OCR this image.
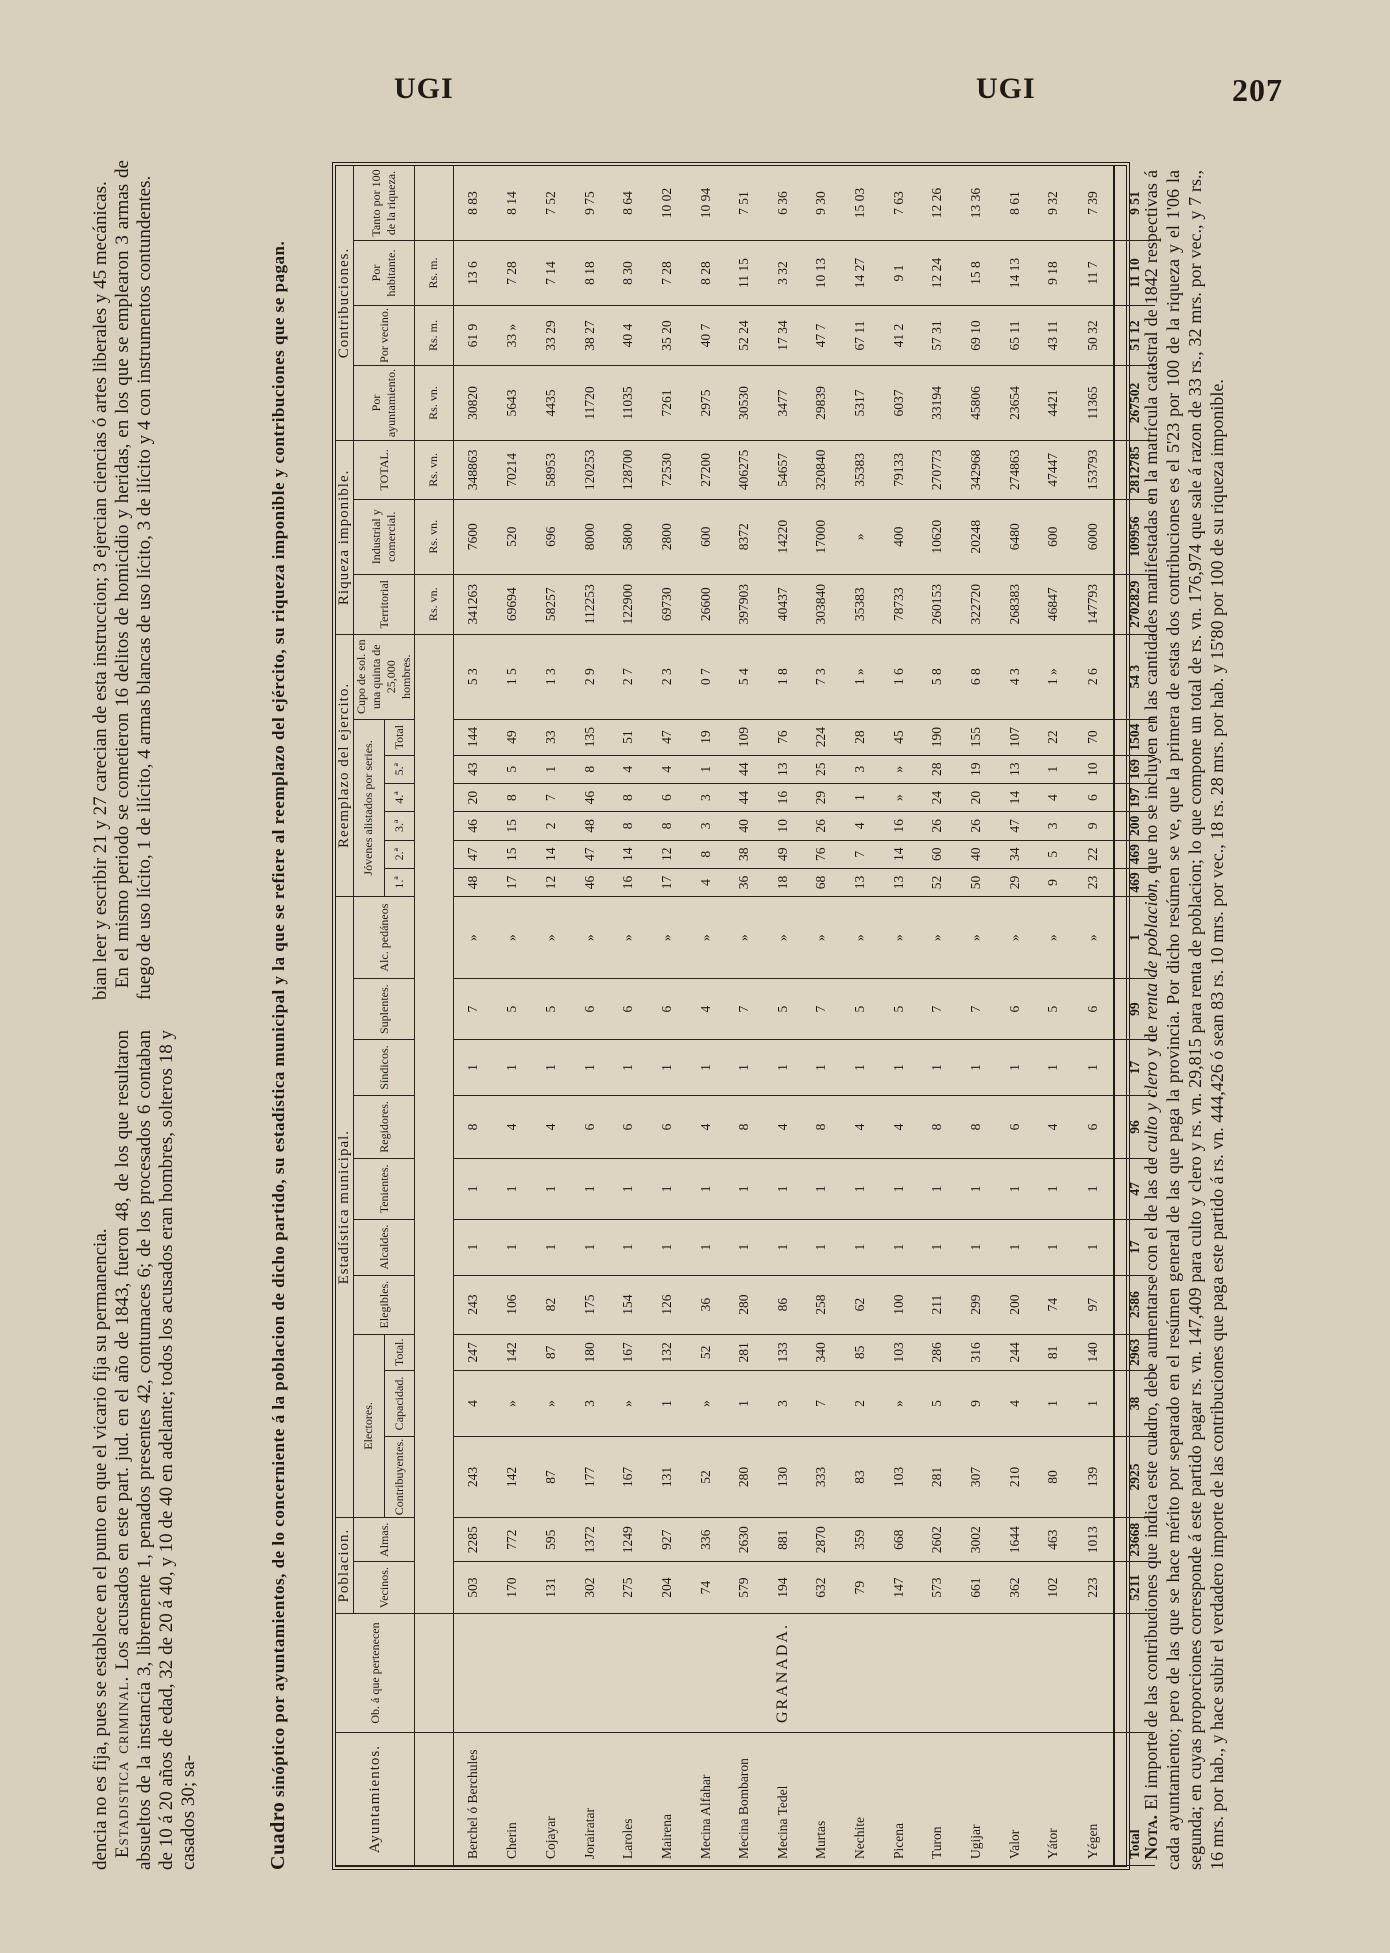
UGI	UGI	207

dencia no es fija, pues se establece en el punto en que el vicario fija su permanencia. Estadistica criminal. Los acusados en este part. jud. en el año de 1843, fueron 48, de los que resultaron absueltos de la instancia 3, libremente 1, penados presentes 42, contumaces 6; de los procesados 6 contaban de 10 á 20 años de edad, 32 de 20 á 40, y 10 de 40 en adelante; todos los acusados eran hombres, solteros 18 y casados 30; sa-

bian leer y escribir 21 y 27 carecian de esta instruccion; 3 ejercian ciencias ó artes liberales y 45 mecánicas. En el mismo periodo se cometieron 16 delitos de homicidio y heridas, en los que se emplearon 3 armas de fuego de uso lícito, 1 de ilícito, 4 armas blancas de uso lícito, 3 de ilícito y 4 con instrumentos contundentes.

Cuadro sinóptico por ayuntamientos, de lo concerniente á la poblacion de dicho partido, su estadística municipal y la que se refiere al reemplazo del ejército, su riqueza imponible y contribuciones que se pagan.
Ayuntamientos.	Ob. á que pertenecen	Poblacion.		Estadística municipal.										Reemplazo del ejercito.							Riqueza imponible.			Contribuciones.			
		Vecinos.	Almas.	Electores.			Elegibles.	Alcaldes.	Tenientes.	Regidores.	Síndicos.	Suplentes.	Alc. pedáneos	Jóvenes alistados por series.						Cupo de sol. en una quinta de 25,000 hombres.	Territorial	Industrial y comercial.	TOTAL.	Por ayuntamiento.	Por vecino.	Por habitante.	Tanto por 100 de la riqueza.
				Contribuyentes.	Capacidad.	Total.								1.ª	2.ª	3.ª	4.ª	5.ª	Total								
																					Rs. vn.	Rs. vn.	Rs. vn.	Rs. vn.	Rs. m.	Rs. m.	
Berchel ó Berchules	GRANADA.	503	2285	243	4	247	243	1	1	8	1	7	»	48	47	46	20	43	144	5 3	341263	7600	348863	30820	61 9	13 6	8 83
Cherin		170	772	142	»	142	106	1	1	4	1	5	»	17	15	15	8	5	49	1 5	69694	520	70214	5643	33 »	7 28	8 14
Cojayar		131	595	87	»	87	82	1	1	4	1	5	»	12	14	2	7	1	33	1 3	58257	696	58953	4435	33 29	7 14	7 52
Jorairatar		302	1372	177	3	180	175	1	1	6	1	6	»	46	47	48	46	8	135	2 9	112253	8000	120253	11720	38 27	8 18	9 75
Laroles		275	1249	167	»	167	154	1	1	6	1	6	»	16	14	8	8	4	51	2 7	122900	5800	128700	11035	40 4	8 30	8 64
Mairena		204	927	131	1	132	126	1	1	6	1	6	»	17	12	8	6	4	47	2 3	69730	2800	72530	7261	35 20	7 28	10 02
Mecina Alfahar		74	336	52	»	52	36	1	1	4	1	4	»	4	8	3	3	1	19	0 7	26600	600	27200	2975	40 7	8 28	10 94
Mecina Bombaron		579	2630	280	1	281	280	1	1	8	1	7	»	36	38	40	44	44	109	5 4	397903	8372	406275	30530	52 24	11 15	7 51
Mecina Tedel		194	881	130	3	133	86	1	1	4	1	5	»	18	49	10	16	13	76	1 8	40437	14220	54657	3477	17 34	3 32	6 36
Murtas		632	2870	333	7	340	258	1	1	8	1	7	»	68	76	26	29	25	224	7 3	303840	17000	320840	29839	47 7	10 13	9 30
Nechite		79	359	83	2	85	62	1	1	4	1	5	»	13	7	4	1	3	28	1 »	35383	»	35383	5317	67 11	14 27	15 03
Picena		147	668	103	»	103	100	1	1	4	1	5	»	13	14	16	»	»	45	1 6	78733	400	79133	6037	41 2	9 1	7 63
Turon		573	2602	281	5	286	211	1	1	8	1	7	»	52	60	26	24	28	190	5 8	260153	10620	270773	33194	57 31	12 24	12 26
Ugijar		661	3002	307	9	316	299	1	1	8	1	7	»	50	40	26	20	19	155	6 8	322720	20248	342968	45806	69 10	15 8	13 36
Valor		362	1644	210	4	244	200	1	1	6	1	6	»	29	34	47	14	13	107	4 3	268383	6480	274863	23654	65 11	14 13	8 61
Yátor		102	463	80	1	81	74	1	1	4	1	5	»	9	5	3	4	1	22	1 »	46847	600	47447	4421	43 11	9 18	9 32
Yégen		223	1013	139	1	140	97	1	1	6	1	6	»	23	22	9	6	10	70	2 6	147793	6000	153793	11365	50 32	11 7	7 39
Total		5211	23668	2925	38	2963	2586	17	47	96	17	99	1	469	469	200	197	169	1504	54 3	2702829	109956	2812785	267502	51 12	11 10	9 51
Nota. El importe de las contribuciones que indica este cuadro, debe aumentarse con el de las de culto y clero y de renta de poblacion, que no se incluyen en las cantidades manifestadas en la matrícula catastral de 1842 respectivas á cada ayuntamiento; pero de las que se hace mérito por separado en el resúmen general de las que paga la provincia. Por dicho resúmen se ve, que la primera de estas dos contribuciones es el 5'23 por 100 de la riqueza y el 1'06 la segunda; en cuyas proporciones corresponde á este partido pagar rs. vn. 147,409 para culto y clero y rs. vn. 29,815 para renta de poblacion; lo que compone un total de rs. vn. 176,974 que sale á razon de 33 rs., 32 mrs. por vec., y 7 rs., 16 mrs. por hab., y hace subir el verdadero importe de las contribuciones que paga este partido á rs. vn. 444,426 ó sean 83 rs. 10 mrs. por vec., 18 rs. 28 mrs. por hab. y 15'80 por 100 de su riqueza imponible.
